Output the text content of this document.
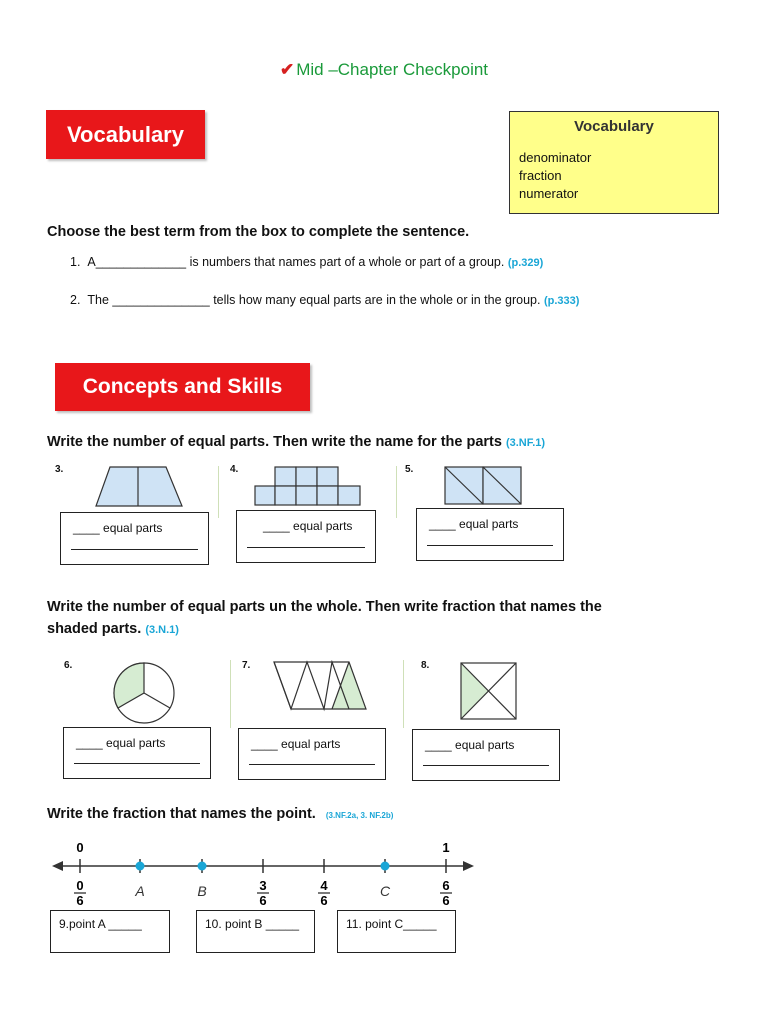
✔ Mid –Chapter Checkpoint
Vocabulary	Vocabulary
denominator
fraction
numerator
Choose the best term from the box to complete the sentence.
1. A_____________ is numbers that names part of a whole or part of a group. (p.329)
2. The ______________ tells how many equal parts are in the whole or in the group. (p.333)
Concepts and Skills
Write the number of equal parts. Then write the name for the parts (3.NF.1)
3.	4.	5.
____ equal parts	____ equal parts	____ equal parts
Write the number of equal parts un the whole. Then write fraction that names the
shaded parts. (3.N.1)
6.	7.	8.
____ equal parts	____ equal parts	____ equal parts
Write the fraction that names the point. (3.NF.2a, 3. NF.2b)
0	1
0
6
3
6
4
6
6
6
A	B	C
9.point A _____	10. point B _____	11. point C_____
